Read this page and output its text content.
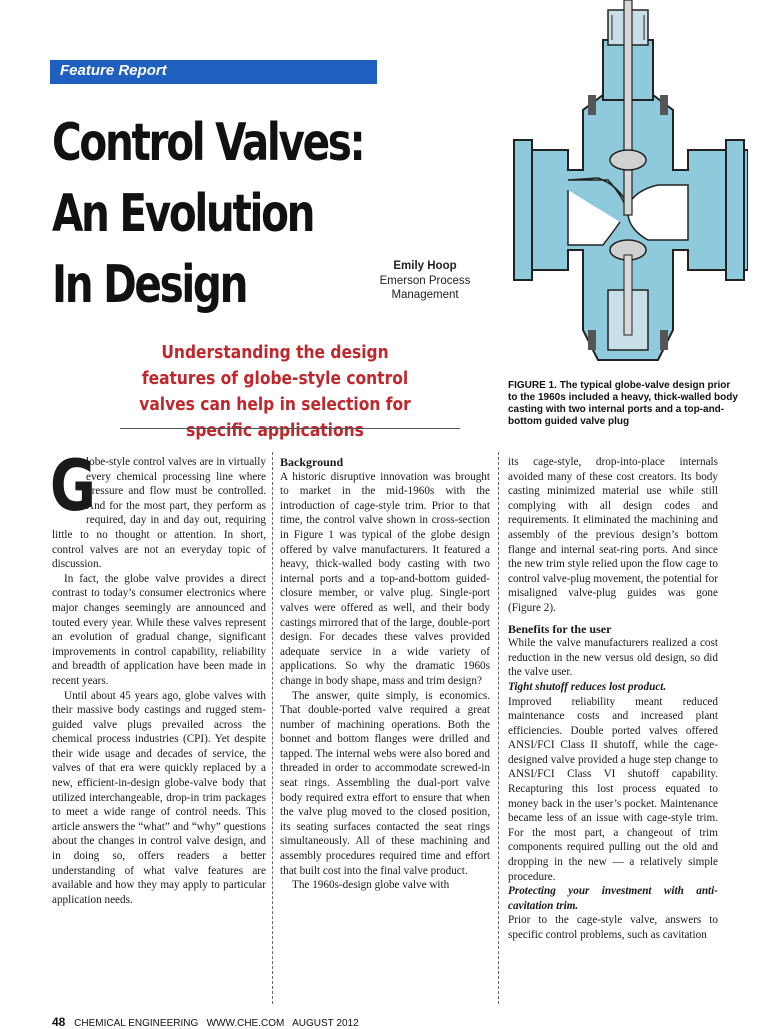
Feature Report
Control Valves:
An Evolution
In Design	Emily Hoop
Emerson Process
Management
Understanding the design features of globe-style control valves can help in selection for specific applications
FIGURE 1. The typical globe-valve design prior to the 1960s included a heavy, thick-walled body casting with two internal ports and a top-and-bottom guided valve plug
G

lobe-style control valves are in virtually every chemical processing line where pressure and flow must be controlled. And for the most part, they perform as required, day in and day out, requiring little to no thought or attention. In short, control valves are not an everyday topic of discussion.

In fact, the globe valve provides a direct contrast to today’s consumer electronics where major changes seemingly are announced and touted every year. While these valves represent an evolution of gradual change, significant improvements in control capability, reliability and breadth of application have been made in recent years.

Until about 45 years ago, globe valves with their massive body castings and rugged stem-guided valve plugs prevailed across the chemical process industries (CPI). Yet despite their wide usage and decades of service, the valves of that era were quickly replaced by a new, efficient-in-design globe-valve body that utilized interchangeable, drop-in trim packages to meet a wide range of control needs. This article answers the “what” and “why” questions about the changes in control valve design, and in doing so, offers readers a better understanding of what valve features are available and how they may apply to particular application needs.

Background

A historic disruptive innovation was brought to market in the mid-1960s with the introduction of cage-style trim. Prior to that time, the control valve shown in cross-section in Figure 1 was typical of the globe design offered by valve manufacturers. It featured a heavy, thick-walled body casting with two internal ports and a top-and-bottom guided-closure member, or valve plug. Single-port valves were offered as well, and their body castings mirrored that of the large, double-port design. For decades these valves provided adequate service in a wide variety of applications. So why the dramatic 1960s change in body shape, mass and trim design?

The answer, quite simply, is economics. That double-ported valve required a great number of machining operations. Both the bonnet and bottom flanges were drilled and tapped. The internal webs were also bored and threaded in order to accommodate screwed-in seat rings. Assembling the dual-port valve body required extra effort to ensure that when the valve plug moved to the closed position, its seating surfaces contacted the seat rings simultaneously. All of these machining and assembly procedures required time and effort that built cost into the final valve product.

The 1960s-design globe valve with

its cage-style, drop-into-place internals avoided many of these cost creators. Its body casting minimized material use while still complying with all design codes and requirements. It eliminated the machining and assembly of the previous design’s bottom flange and internal seat-ring ports. And since the new trim style relied upon the flow cage to control valve-plug movement, the potential for misaligned valve-plug guides was gone (Figure 2).

Benefits for the user

While the valve manufacturers realized a cost reduction in the new versus old design, so did the valve user.

Tight shutoff reduces lost product.

Improved reliability meant reduced maintenance costs and increased plant efficiencies. Double ported valves offered ANSI/FCI Class II shutoff, while the cage-designed valve provided a huge step change to ANSI/FCI Class VI shutoff capability. Recapturing this lost process equated to money back in the user’s pocket. Maintenance became less of an issue with cage-style trim. For the most part, a changeout of trim components required pulling out the old and dropping in the new — a relatively simple procedure.

Protecting your investment with anti-cavitation trim.

Prior to the cage-style valve, answers to specific control problems, such as cavitation

48 CHEMICAL ENGINEERING   WWW.CHE.COM   AUGUST 2012
